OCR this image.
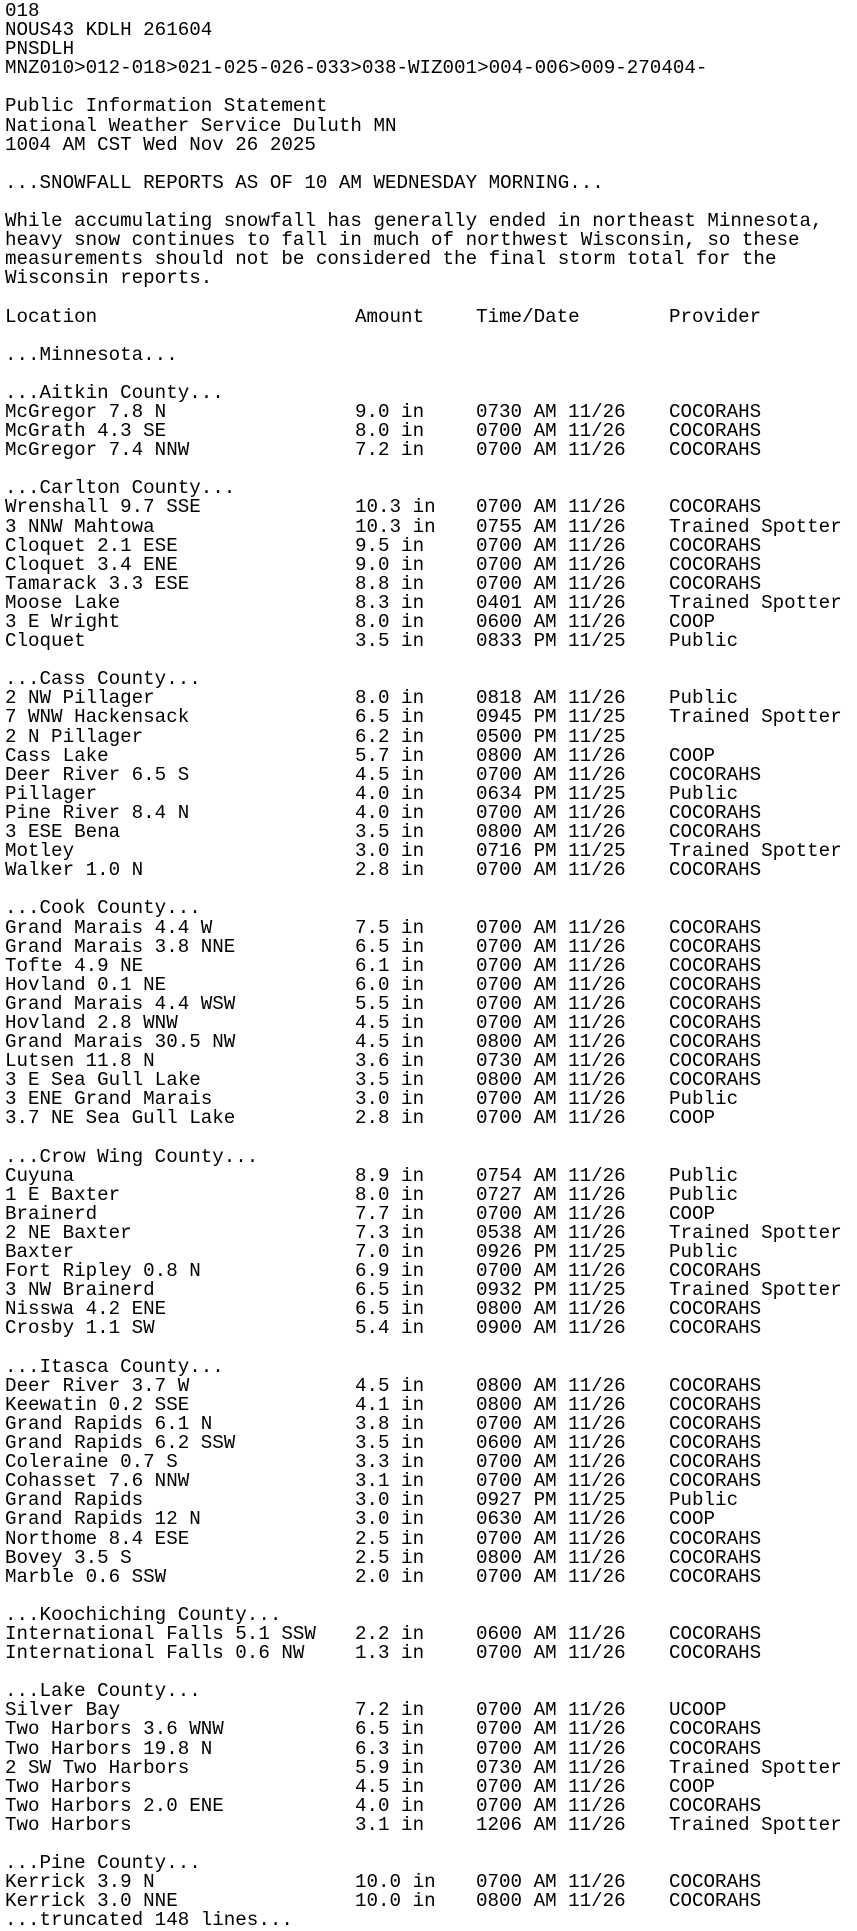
018
NOUS43 KDLH 261604
PNSDLH
MNZ010>012-018>021-025-026-033>038-WIZ001>004-006>009-270404-
Public Information Statement
National Weather Service Duluth MN
1004 AM CST Wed Nov 26 2025
...SNOWFALL REPORTS AS OF 10 AM WEDNESDAY MORNING...
While accumulating snowfall has generally ended in northeast Minnesota,
heavy snow continues to fall in much of northwest Wisconsin, so these
measurements should not be considered the final storm total for the
Wisconsin reports.
Location	Amount	Time/Date	Provider
...Minnesota...
...Aitkin County...
McGregor 7.8 N	9.0 in	0730 AM 11/26 COCORAHS
McGrath 4.3 SE	8.0 in	0700 AM 11/26 COCORAHS
McGregor 7.4 NNW	7.2 in	0700 AM 11/26 COCORAHS
...Carlton County...
Wrenshall 9.7 SSE	10.3 in 0700 AM 11/26 COCORAHS
3 NNW Mahtowa	10.3 in 0755 AM 11/26 Trained Spotter
Cloquet 2.1 ESE	9.5 in	0700 AM 11/26 COCORAHS
Cloquet 3.4 ENE	9.0 in	0700 AM 11/26 COCORAHS
Tamarack 3.3 ESE	8.8 in	0700 AM 11/26 COCORAHS
Moose Lake	8.3 in	0401 AM 11/26 Trained Spotter
3 E Wright	8.0 in	0600 AM 11/26 COOP
Cloquet	3.5 in	0833 PM 11/25 Public
...Cass County...
2 NW Pillager	8.0 in	0818 AM 11/26 Public
7 WNW Hackensack	6.5 in	0945 PM 11/25 Trained Spotter
2 N Pillager	6.2 in	0500 PM 11/25
Cass Lake	5.7 in	0800 AM 11/26 COOP
Deer River 6.5 S	4.5 in	0700 AM 11/26 COCORAHS
Pillager	4.0 in	0634 PM 11/25 Public
Pine River 8.4 N	4.0 in	0700 AM 11/26 COCORAHS
3 ESE Bena	3.5 in	0800 AM 11/26 COCORAHS
Motley	3.0 in	0716 PM 11/25 Trained Spotter
Walker 1.0 N	2.8 in	0700 AM 11/26 COCORAHS
...Cook County...
Grand Marais 4.4 W	7.5 in	0700 AM 11/26 COCORAHS
Grand Marais 3.8 NNE	6.5 in	0700 AM 11/26 COCORAHS
Tofte 4.9 NE	6.1 in	0700 AM 11/26 COCORAHS
Hovland 0.1 NE	6.0 in	0700 AM 11/26 COCORAHS
Grand Marais 4.4 WSW	5.5 in	0700 AM 11/26 COCORAHS
Hovland 2.8 WNW	4.5 in	0700 AM 11/26 COCORAHS
Grand Marais 30.5 NW	4.5 in	0800 AM 11/26 COCORAHS
Lutsen 11.8 N	3.6 in	0730 AM 11/26 COCORAHS
3 E Sea Gull Lake	3.5 in	0800 AM 11/26 COCORAHS
3 ENE Grand Marais	3.0 in	0700 AM 11/26 Public
3.7 NE Sea Gull Lake	2.8 in	0700 AM 11/26 COOP
...Crow Wing County...
Cuyuna	8.9 in	0754 AM 11/26 Public
1 E Baxter	8.0 in	0727 AM 11/26 Public
Brainerd	7.7 in	0700 AM 11/26 COOP
2 NE Baxter	7.3 in	0538 AM 11/26 Trained Spotter
Baxter	7.0 in	0926 PM 11/25 Public
Fort Ripley 0.8 N	6.9 in	0700 AM 11/26 COCORAHS
3 NW Brainerd	6.5 in	0932 PM 11/25 Trained Spotter
Nisswa 4.2 ENE	6.5 in	0800 AM 11/26 COCORAHS
Crosby 1.1 SW	5.4 in	0900 AM 11/26 COCORAHS
...Itasca County...
Deer River 3.7 W	4.5 in	0800 AM 11/26 COCORAHS
Keewatin 0.2 SSE	4.1 in	0800 AM 11/26 COCORAHS
Grand Rapids 6.1 N	3.8 in	0700 AM 11/26 COCORAHS
Grand Rapids 6.2 SSW	3.5 in	0600 AM 11/26 COCORAHS
Coleraine 0.7 S	3.3 in	0700 AM 11/26 COCORAHS
Cohasset 7.6 NNW	3.1 in	0700 AM 11/26 COCORAHS
Grand Rapids	3.0 in	0927 PM 11/25 Public
Grand Rapids 12 N	3.0 in	0630 AM 11/26 COOP
Northome 8.4 ESE	2.5 in	0700 AM 11/26 COCORAHS
Bovey 3.5 S	2.5 in	0800 AM 11/26 COCORAHS
Marble 0.6 SSW	2.0 in	0700 AM 11/26 COCORAHS
...Koochiching County...
International Falls 5.1 SSW 2.2 in	0600 AM 11/26 COCORAHS
International Falls 0.6 NW	1.3 in	0700 AM 11/26 COCORAHS
...Lake County...
Silver Bay	7.2 in	0700 AM 11/26 UCOOP
Two Harbors 3.6 WNW	6.5 in	0700 AM 11/26 COCORAHS
Two Harbors 19.8 N	6.3 in	0700 AM 11/26 COCORAHS
2 SW Two Harbors	5.9 in	0730 AM 11/26 Trained Spotter
Two Harbors	4.5 in	0700 AM 11/26 COOP
Two Harbors 2.0 ENE	4.0 in	0700 AM 11/26 COCORAHS
Two Harbors	3.1 in	1206 AM 11/26 Trained Spotter
...Pine County...
Kerrick 3.9 N	10.0 in 0700 AM 11/26 COCORAHS
Kerrick 3.0 NNE	10.0 in 0800 AM 11/26 COCORAHS
...truncated 148 lines...
